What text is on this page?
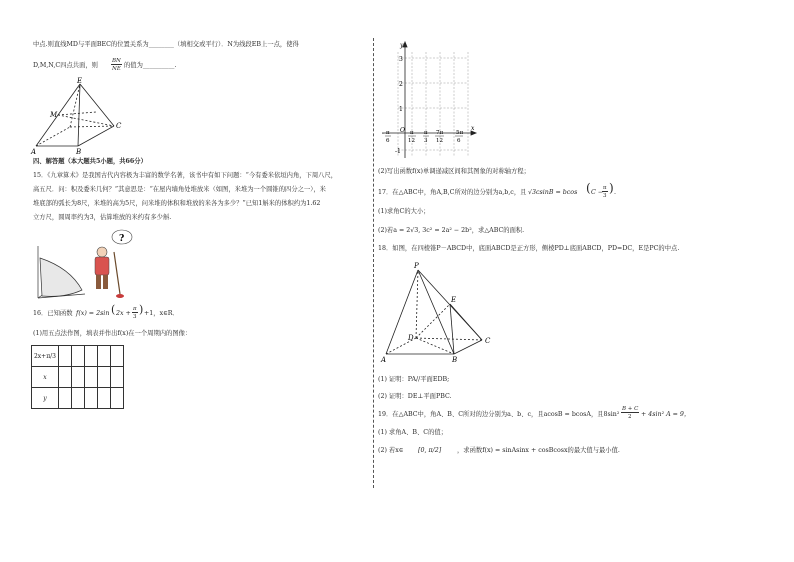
中点.则直线MD与平面BEC的位置关系为________（填相交或平行）．N为线段EB上一点，使得
D,M,N,C四点共面，则
BN
NE 的值为__________.
E
M
C
A	B
四、解答题（本大题共5小题，共66分）
15．《九章算术》是我国古代内容极为丰富的数学名著，该书中有如下问题：“今有委米依垣内角，下周八尺，
高五尺．问：积及委米几何？”其意思是：“在屋内墙角处堆放米（如图，米堆为一个圆锥的四分之一），米
堆底部的弧长为8尺，米堆的高为5尺，问米堆的体积和堆放的米各为多少？”已知1斛米的体积约为1.62
立方尺，圆周率约为3，估算堆放的米约有多少斛.
?
16．已知函数 f(x) = 2sin ( 2x +
π
3
) +1，x∈R．
(1)用五点法作图，填表并作出f(x)在一个周期内的图像：
2x+π/3					
x					
y					
y
x
O
3
2
1
-1
- π
6
π
12
π
3
7π
12
5π
6
(2)写出函数f(x)单调递减区间和其图象的对称轴方程；
17．在△ABC中，角A,B,C所对的边分别为a,b,c，且 √3csinB = bcos ( C −
π
3
) .
(1)求角C的大小；
(2)若a = 2√3, 3c² = 2a² − 2b²，求△ABC的面积.
18．如图，在四棱锥P－ABCD中，底面ABCD是正方形，侧棱PD⊥底面ABCD，PD=DC，E是PC的中点.
P
E
D	C
A	B
(1) 证明：PA//平面EDB;
(2) 证明：DE⊥平面PBC.
19．在△ABC中，角A、B、C所对的边分别为a、b、c，且acosB = bcosA，且8sin²
B + C
2 + 4sin² A = 9，
(1) 求角A、B、C的值；
(2) 若x∈ [0, π/2]	，求函数f(x) = sinAsinx + cosBcosx的最大值与最小值.
